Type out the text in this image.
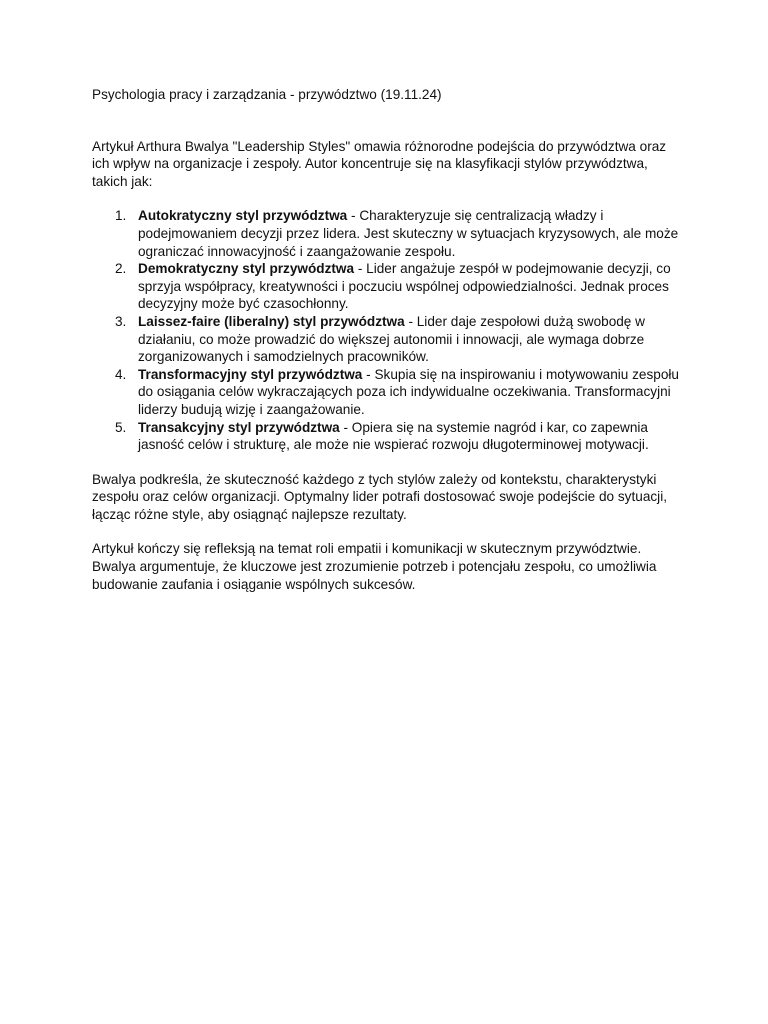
Psychologia pracy i zarządzania - przywództwo (19.11.24)

Artykuł Arthura Bwalya "Leadership Styles" omawia różnorodne podejścia do przywództwa oraz ich wpływ na organizacje i zespoły. Autor koncentruje się na klasyfikacji stylów przywództwa, takich jak:

1. Autokratyczny styl przywództwa - Charakteryzuje się centralizacją władzy i podejmowaniem decyzji przez lidera. Jest skuteczny w sytuacjach kryzysowych, ale może ograniczać innowacyjność i zaangażowanie zespołu.
2. Demokratyczny styl przywództwa - Lider angażuje zespół w podejmowanie decyzji, co sprzyja współpracy, kreatywności i poczuciu wspólnej odpowiedzialności. Jednak proces decyzyjny może być czasochłonny.
3. Laissez-faire (liberalny) styl przywództwa - Lider daje zespołowi dużą swobodę w działaniu, co może prowadzić do większej autonomii i innowacji, ale wymaga dobrze zorganizowanych i samodzielnych pracowników.
4. Transformacyjny styl przywództwa - Skupia się na inspirowaniu i motywowaniu zespołu do osiągania celów wykraczających poza ich indywidualne oczekiwania. Transformacyjni liderzy budują wizję i zaangażowanie.
5. Transakcyjny styl przywództwa - Opiera się na systemie nagród i kar, co zapewnia jasność celów i strukturę, ale może nie wspierać rozwoju długoterminowej motywacji.

Bwalya podkreśla, że skuteczność każdego z tych stylów zależy od kontekstu, charakterystyki zespołu oraz celów organizacji. Optymalny lider potrafi dostosować swoje podejście do sytuacji, łącząc różne style, aby osiągnąć najlepsze rezultaty.

Artykuł kończy się refleksją na temat roli empatii i komunikacji w skutecznym przywództwie. Bwalya argumentuje, że kluczowe jest zrozumienie potrzeb i potencjału zespołu, co umożliwia budowanie zaufania i osiąganie wspólnych sukcesów.
